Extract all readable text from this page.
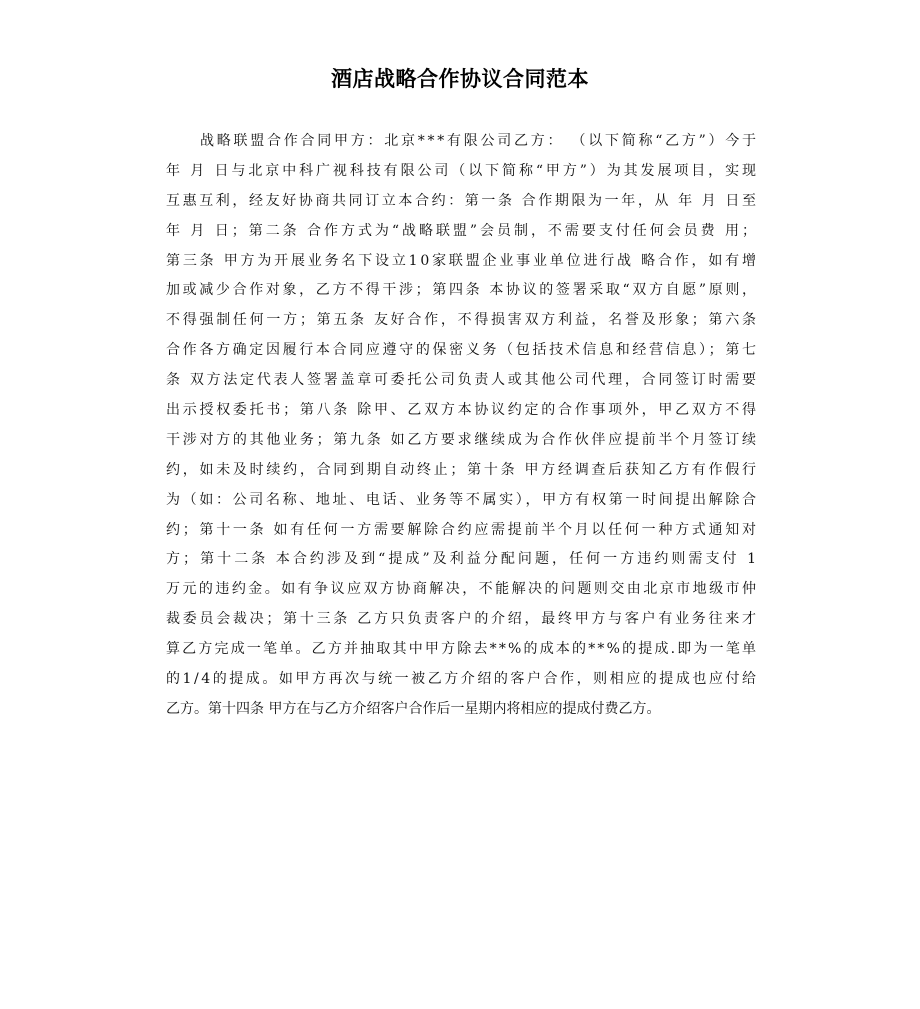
酒店战略合作协议合同范本
战略联盟合作合同甲方：北京***有限公司乙方： （以下简称“乙方”）今于
年 月 日与北京中科广视科技有限公司（以下简称“甲方”）为其发展项目，实现
互惠互利，经友好协商共同订立本合约：第一条 合作期限为一年，从 年 月 日至
年 月 日；第二条 合作方式为“战略联盟”会员制，不需要支付任何会员费 用；
第三条 甲方为开展业务名下设立10家联盟企业事业单位进行战 略合作，如有增
加或减少合作对象，乙方不得干涉；第四条 本协议的签署采取“双方自愿”原则，
不得强制任何一方；第五条 友好合作，不得损害双方利益，名誉及形象；第六条
合作各方确定因履行本合同应遵守的保密义务（包括技术信息和经营信息）；第七
条 双方法定代表人签署盖章可委托公司负责人或其他公司代理，合同签订时需要
出示授权委托书；第八条 除甲、乙双方本协议约定的合作事项外，甲乙双方不得
干涉对方的其他业务；第九条 如乙方要求继续成为合作伙伴应提前半个月签订续
约，如未及时续约，合同到期自动终止；第十条 甲方经调查后获知乙方有作假行
为（如：公司名称、地址、电话、业务等不属实），甲方有权第一时间提出解除合
约；第十一条 如有任何一方需要解除合约应需提前半个月以任何一种方式通知对
方；第十二条 本合约涉及到“提成”及利益分配问题，任何一方违约则需支付 1
万元的违约金。如有争议应双方协商解决，不能解决的问题则交由北京市地级市仲
裁委员会裁决；第十三条 乙方只负责客户的介绍，最终甲方与客户有业务往来才
算乙方完成一笔单。乙方并抽取其中甲方除去**%的成本的**%的提成.即为一笔单
的1/4的提成。如甲方再次与统一被乙方介绍的客户合作，则相应的提成也应付给
乙方。第十四条 甲方在与乙方介绍客户合作后一星期内将相应的提成付费乙方。
